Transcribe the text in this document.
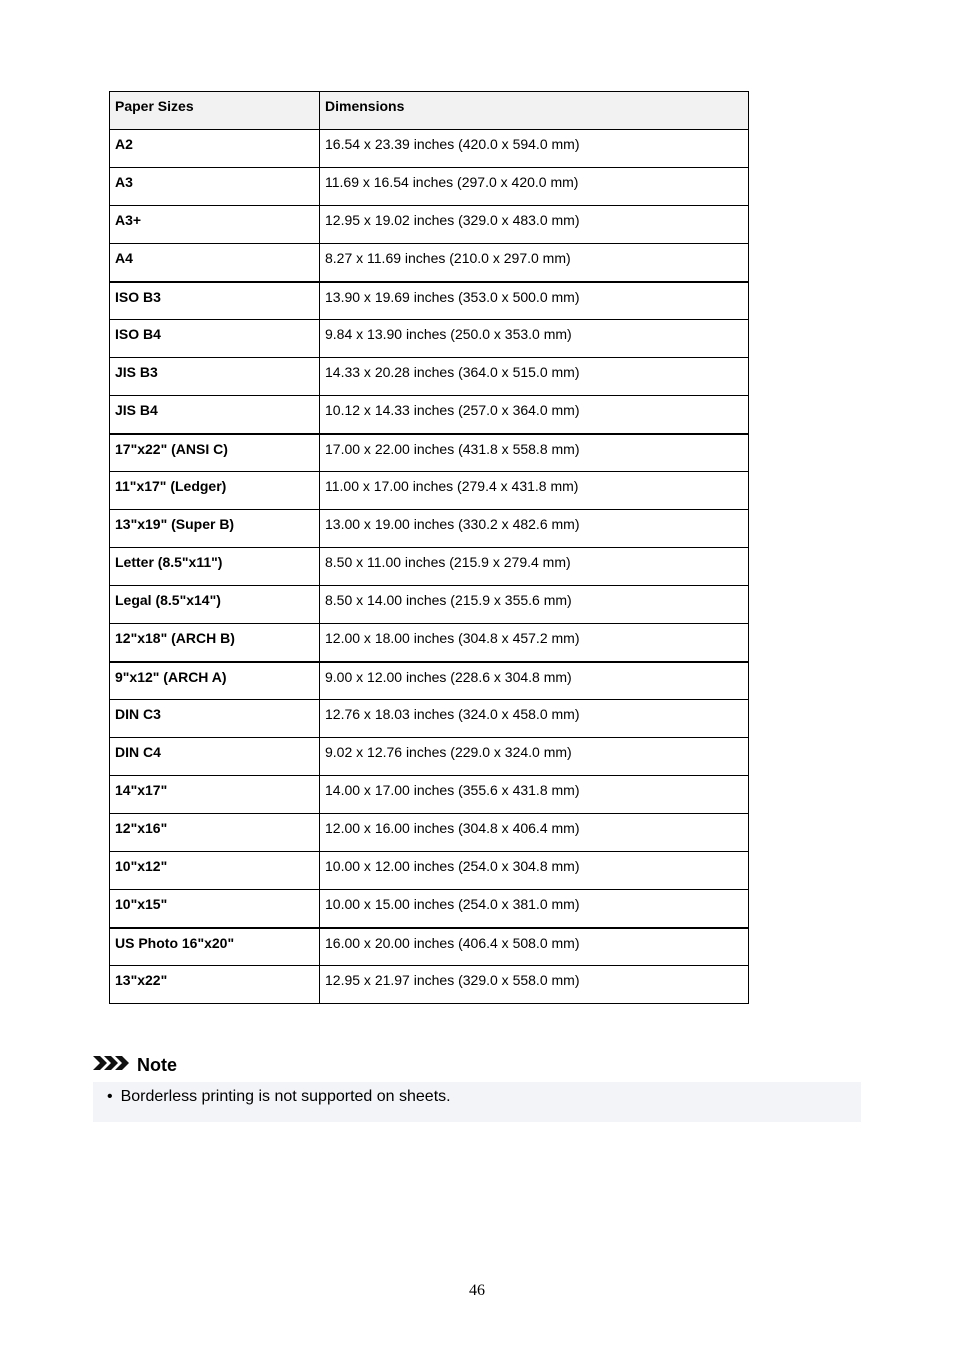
Paper Sizes	Dimensions
A2	16.54 x 23.39 inches (420.0 x 594.0 mm)
A3	11.69 x 16.54 inches (297.0 x 420.0 mm)
A3+	12.95 x 19.02 inches (329.0 x 483.0 mm)
A4	8.27 x 11.69 inches (210.0 x 297.0 mm)
ISO B3	13.90 x 19.69 inches (353.0 x 500.0 mm)
ISO B4	9.84 x 13.90 inches (250.0 x 353.0 mm)
JIS B3	14.33 x 20.28 inches (364.0 x 515.0 mm)
JIS B4	10.12 x 14.33 inches (257.0 x 364.0 mm)
17"x22" (ANSI C)	17.00 x 22.00 inches (431.8 x 558.8 mm)
11"x17" (Ledger)	11.00 x 17.00 inches (279.4 x 431.8 mm)
13"x19" (Super B)	13.00 x 19.00 inches (330.2 x 482.6 mm)
Letter (8.5"x11")	8.50 x 11.00 inches (215.9 x 279.4 mm)
Legal (8.5"x14")	8.50 x 14.00 inches (215.9 x 355.6 mm)
12"x18" (ARCH B)	12.00 x 18.00 inches (304.8 x 457.2 mm)
9"x12" (ARCH A)	9.00 x 12.00 inches (228.6 x 304.8 mm)
DIN C3	12.76 x 18.03 inches (324.0 x 458.0 mm)
DIN C4	9.02 x 12.76 inches (229.0 x 324.0 mm)
14"x17"	14.00 x 17.00 inches (355.6 x 431.8 mm)
12"x16"	12.00 x 16.00 inches (304.8 x 406.4 mm)
10"x12"	10.00 x 12.00 inches (254.0 x 304.8 mm)
10"x15"	10.00 x 15.00 inches (254.0 x 381.0 mm)
US Photo 16"x20"	16.00 x 20.00 inches (406.4 x 508.0 mm)
13"x22"	12.95 x 21.97 inches (329.0 x 558.0 mm)
Note
• Borderless printing is not supported on sheets.
46
